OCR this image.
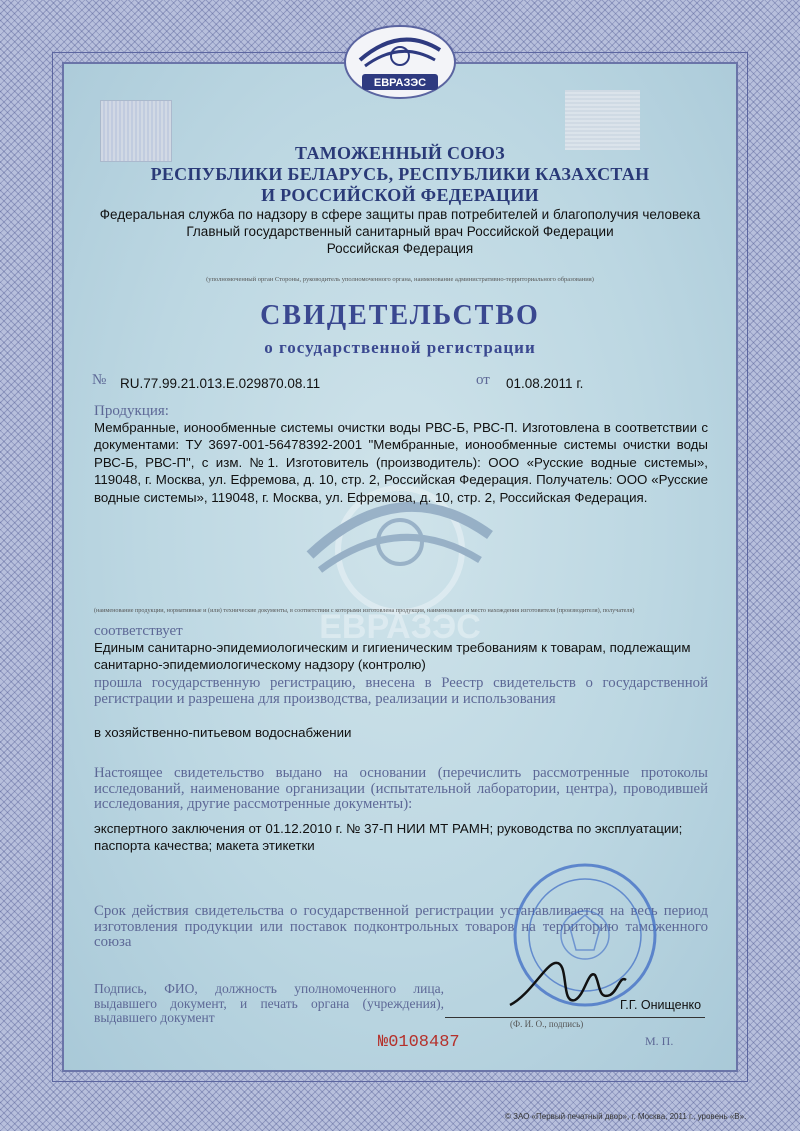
ЕВРАЗЭС
ЕВРАЗЭС
ТАМОЖЕННЫЙ СОЮЗ
РЕСПУБЛИКИ БЕЛАРУСЬ, РЕСПУБЛИКИ КАЗАХСТАН
И РОССИЙСКОЙ ФЕДЕРАЦИИ
Федеральная служба по надзору в сфере защиты прав потребителей и благополучия человека
Главный государственный санитарный врач Российской Федерации
Российская Федерация
(уполномоченный орган Стороны, руководитель уполномоченного органа, наименование административно-территориального образования)
СВИДЕТЕЛЬСТВО
о государственной регистрации
№ RU.77.99.21.013.E.029870.08.11	от 01.08.2011 г.
Продукция:
Мембранные, ионообменные системы очистки воды РВС-Б, РВС-П. Изготовлена в соответствии с документами: ТУ 3697-001-56478392-2001 "Мембранные, ионообменные системы очистки воды РВС-Б, РВС-П", с изм. №1. Изготовитель (производитель): ООО «Русские водные системы», 119048, г. Москва, ул. Ефремова, д. 10, стр. 2, Российская Федерация. Получатель: ООО «Русские водные системы», 119048, г. Москва, ул. Ефремова, д. 10, стр. 2, Российская Федерация.
(наименование продукции, нормативные и (или) технические документы, в соответствии с которыми изготовлена продукция, наименование и место нахождения изготовителя (производителя), получателя)
соответствует
Единым санитарно-эпидемиологическим и гигиеническим требованиям к товарам, подлежащим санитарно-эпидемиологическому надзору (контролю)
прошла государственную регистрацию, внесена в Реестр свидетельств о государственной регистрации и разрешена для производства, реализации и использования
в хозяйственно-питьевом водоснабжении
Настоящее свидетельство выдано на основании (перечислить рассмотренные протоколы исследований, наименование организации (испытательной лаборатории, центра), проводившей исследования, другие рассмотренные документы):
экспертного заключения от 01.12.2010 г. № 37-П НИИ МТ РАМН; руководства по эксплуатации; паспорта качества; макета этикетки
Срок действия свидетельства о государственной регистрации устанавливается на весь период изготовления продукции или поставок подконтрольных товаров на территорию таможенного союза
Подпись, ФИО, должность уполномоченного лица, выдавшего документ, и печать органа (учреждения), выдавшего документ
Г.Г. Онищенко
(Ф. И. О., подпись)
М. П.
№0108487
© ЗАО «Первый печатный двор», г. Москва, 2011 г., уровень «В».
